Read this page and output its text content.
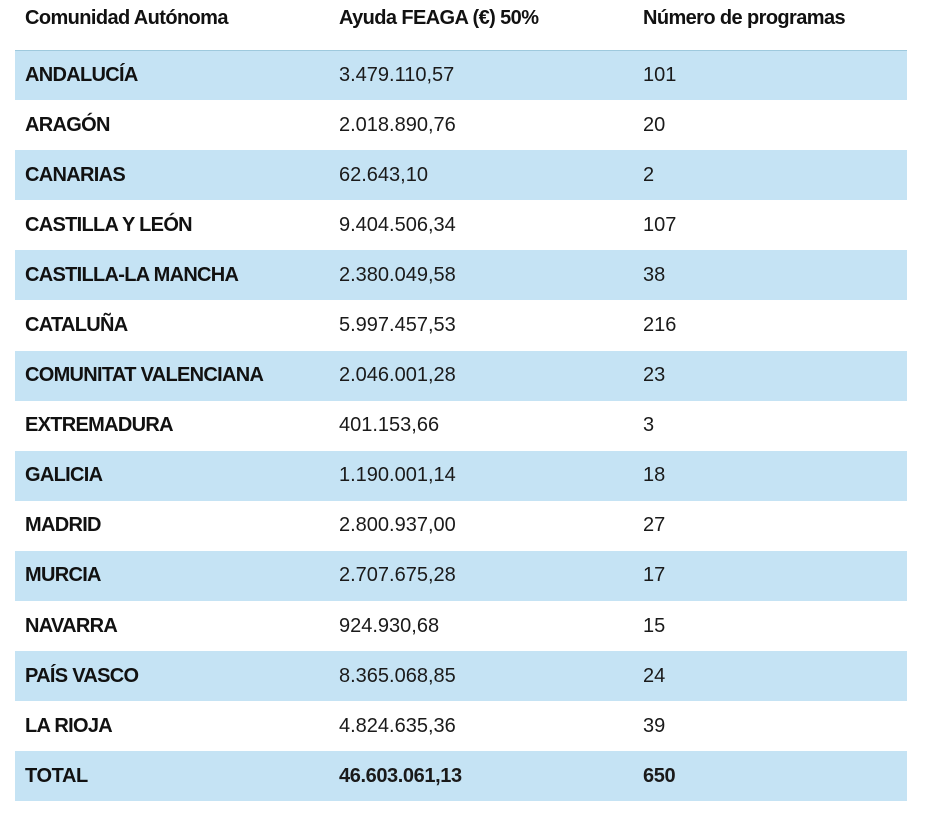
Comunidad Autónoma	Ayuda FEAGA (€) 50%	Número de programas
ANDALUCÍA	3.479.110,57	101
ARAGÓN	2.018.890,76	20
CANARIAS	62.643,10	2
CASTILLA Y LEÓN	9.404.506,34	107
CASTILLA-LA MANCHA	2.380.049,58	38
CATALUÑA	5.997.457,53	216
COMUNITAT VALENCIANA	2.046.001,28	23
EXTREMADURA	401.153,66	3
GALICIA	1.190.001,14	18
MADRID	2.800.937,00	27
MURCIA	2.707.675,28	17
NAVARRA	924.930,68	15
PAÍS VASCO	8.365.068,85	24
LA RIOJA	4.824.635,36	39
TOTAL	46.603.061,13	650
